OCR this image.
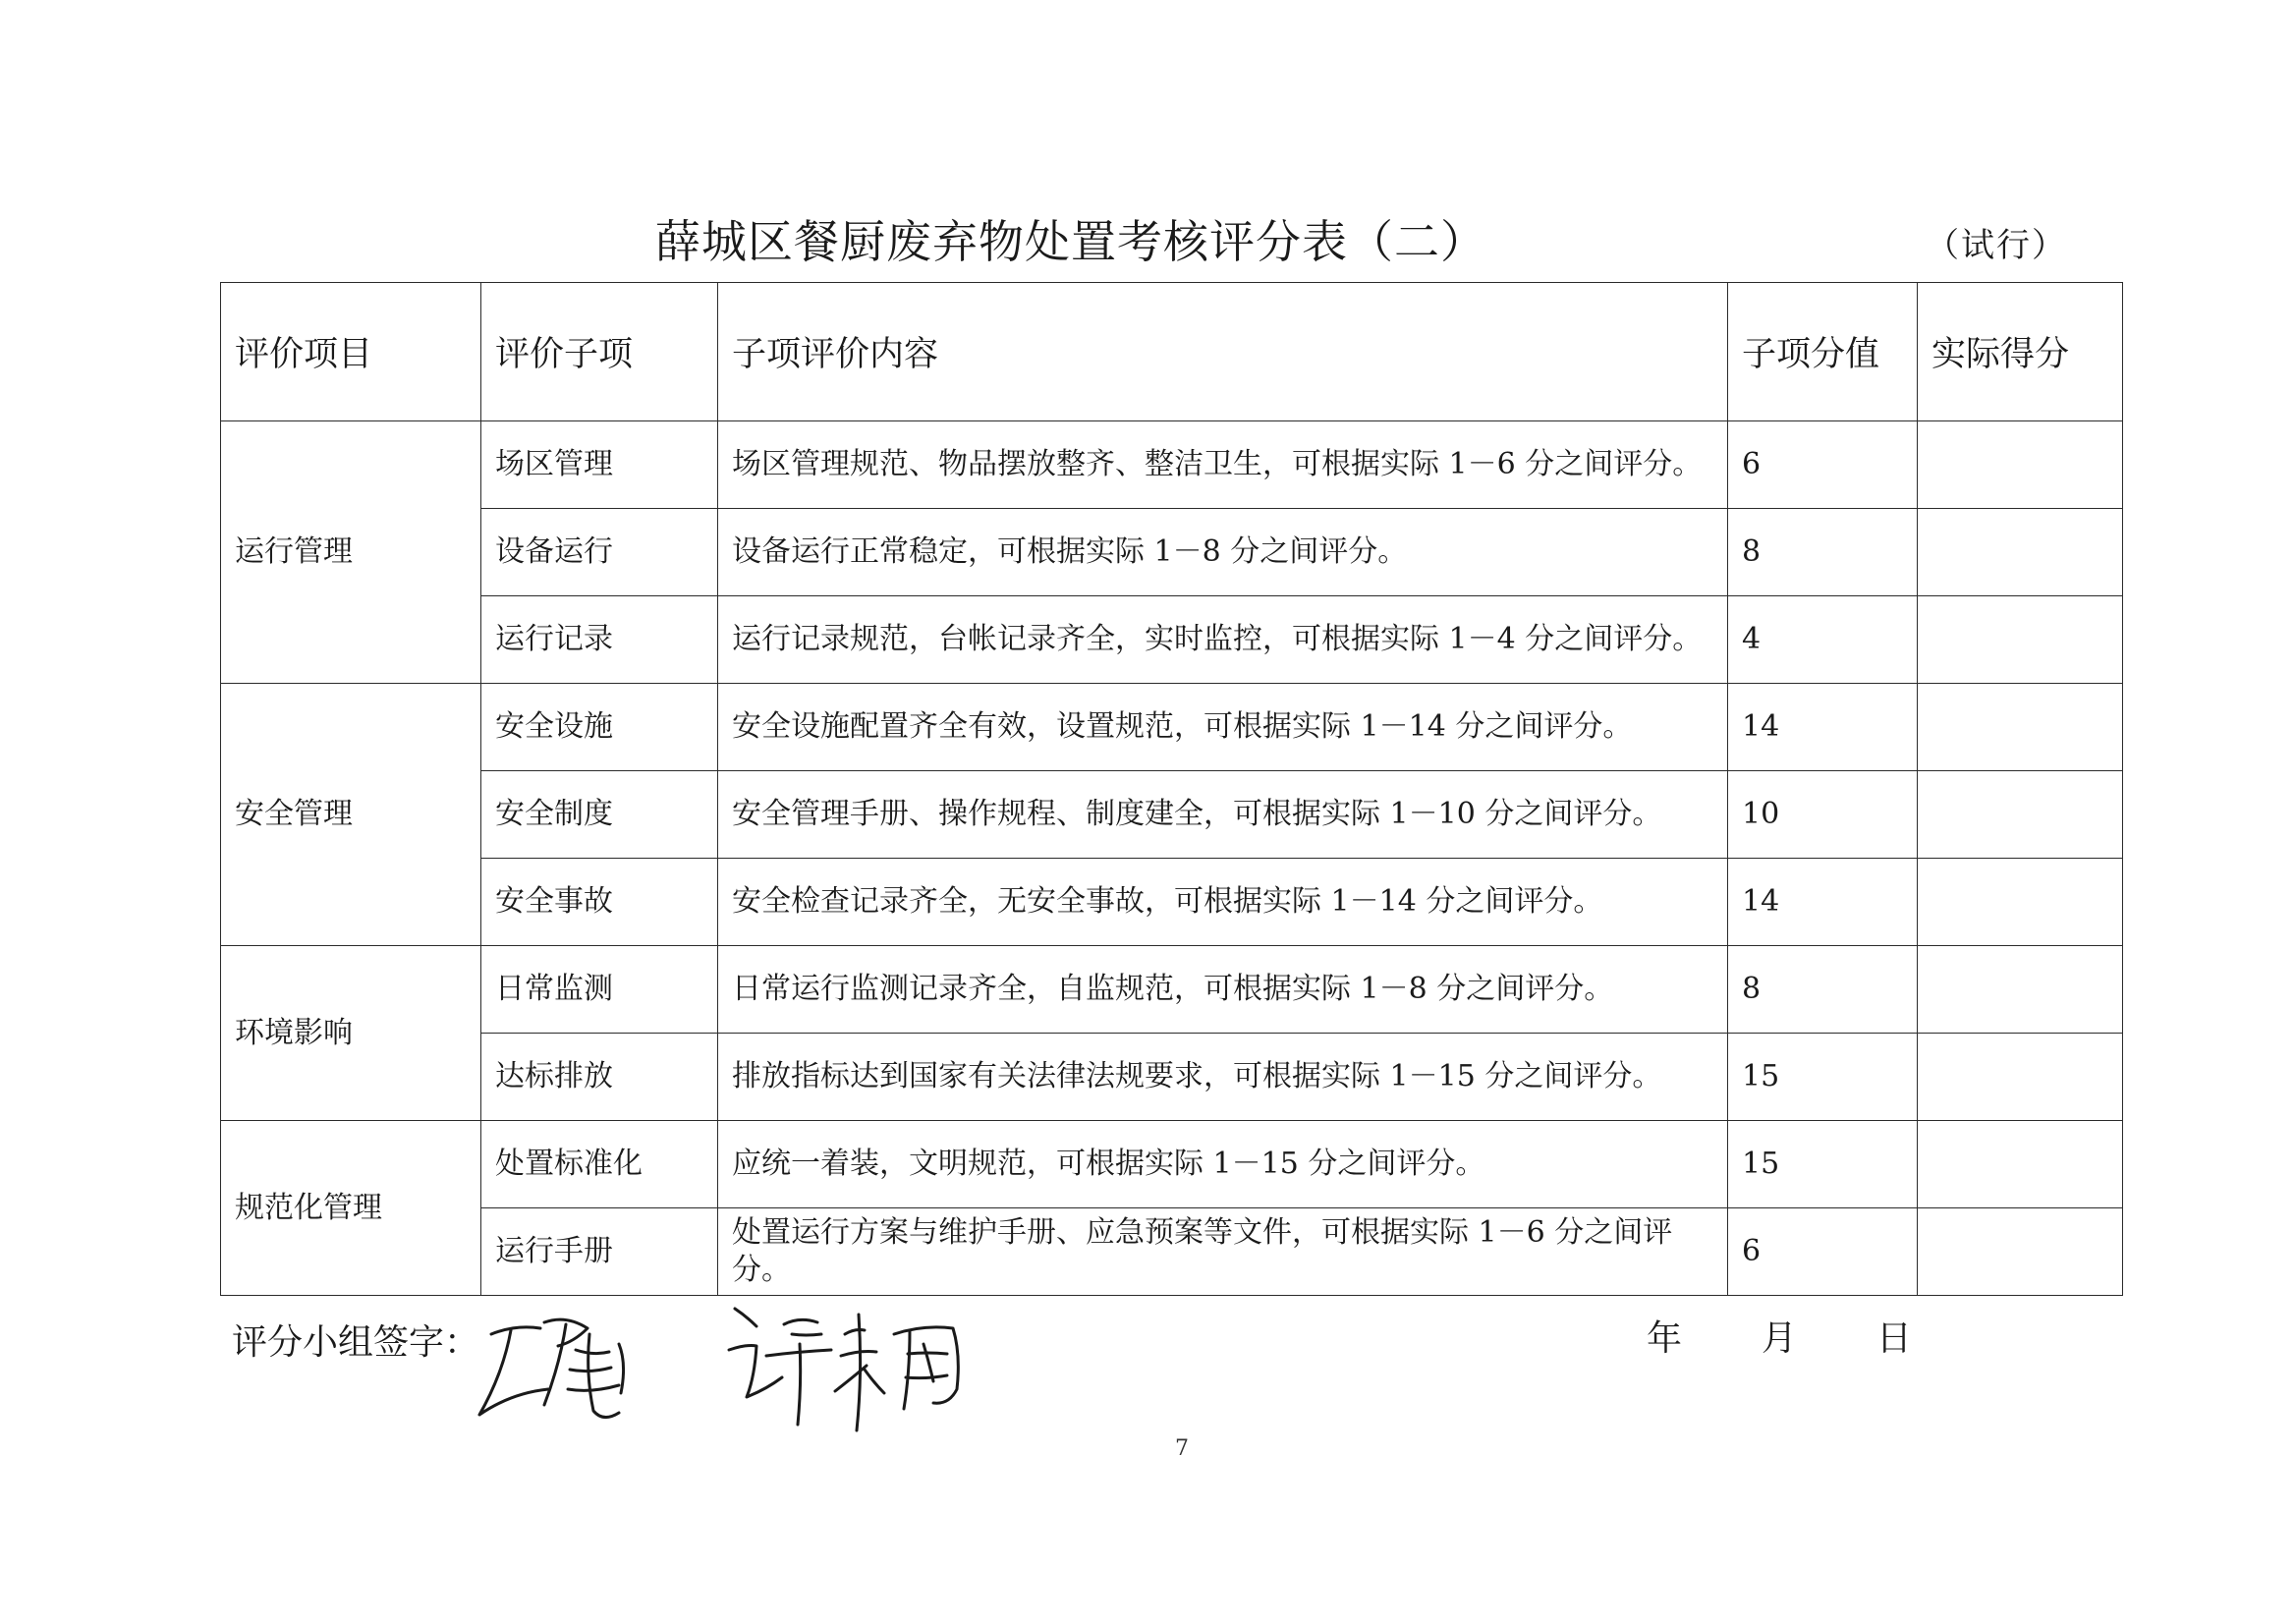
薛城区餐厨废弃物处置考核评分表（二）	（试行）
评价项目	评价子项	子项评价内容	子项分值	实际得分
运行管理	场区管理	场区管理规范、物品摆放整齐、整洁卫生，可根据实际 1－6 分之间评分。	6	
	设备运行	设备运行正常稳定，可根据实际 1－8 分之间评分。	8	
	运行记录	运行记录规范，台帐记录齐全，实时监控，可根据实际 1－4 分之间评分。	4	
安全管理	安全设施	安全设施配置齐全有效，设置规范，可根据实际 1－14 分之间评分。	14	
	安全制度	安全管理手册、操作规程、制度建全，可根据实际 1－10 分之间评分。	10	
	安全事故	安全检查记录齐全，无安全事故，可根据实际 1－14 分之间评分。	14	
环境影响	日常监测	日常运行监测记录齐全，自监规范，可根据实际 1－8 分之间评分。	8	
	达标排放	排放指标达到国家有关法律法规要求，可根据实际 1－15 分之间评分。	15	
规范化管理	处置标准化	应统一着装，文明规范，可根据实际 1－15 分之间评分。	15	
	运行手册	处置运行方案与维护手册、应急预案等文件，可根据实际 1－6 分之间评分。	6	
评分小组签字：	年 月 日
7
